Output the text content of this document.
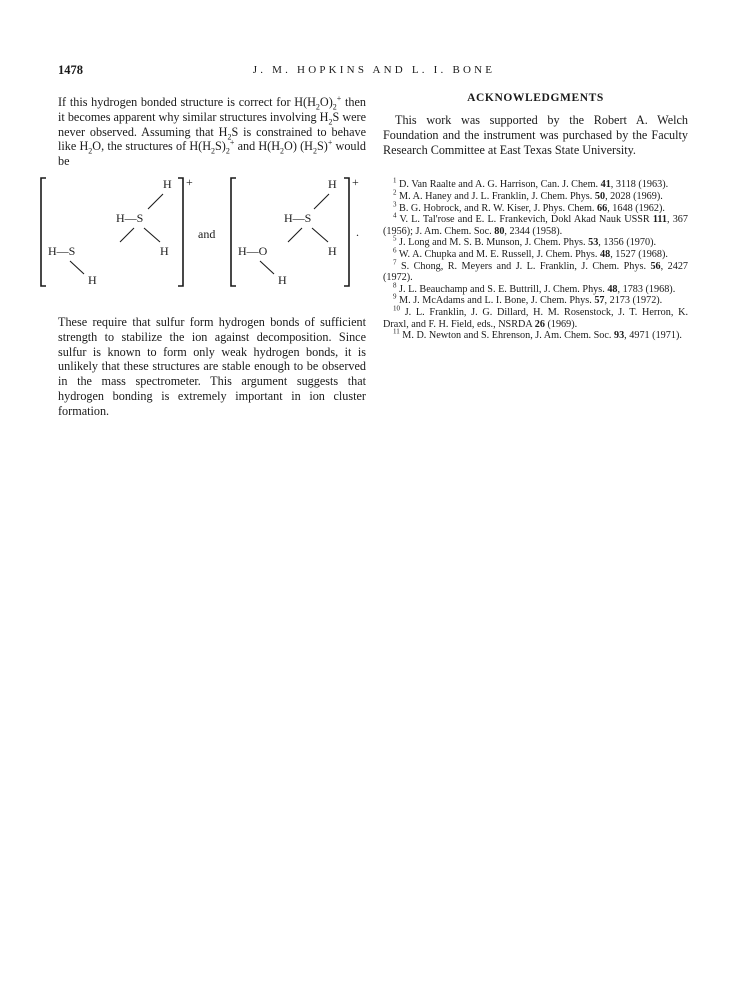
1478	J. M. HOPKINS AND L. I. BONE

If this hydrogen bonded structure is correct for $H(H_2O)_2^+$ then it becomes apparent why similar structures involving $H_2S$ were never observed. Assuming that $H_2S$ is constrained to behave like $H_2O$, the structures of $H(H_2S)_2^+$ and $H(H_2O)$ $(H_2S)^+$ would be

These require that sulfur form hydrogen bonds of sufficient strength to stabilize the ion against decomposition. Since sulfur is known to form only weak hydrogen bonds, it is unlikely that these structures are stable enough to be observed in the mass spectrometer. This argument suggests that hydrogen bonding is extremely important in ion cluster formation.

+
H
H—S
H—S	H
H
and
+
H
H—S
H—O	H
H
.
ACKNOWLEDGMENTS

This work was supported by the Robert A. Welch Foundation and the instrument was purchased by the Faculty Research Committee at East Texas State University.

$^1$ D. Van Raalte and A. G. Harrison, Can. J. Chem. 41, 3118 (1963).

$^2$ M. A. Haney and J. L. Franklin, J. Chem. Phys. 50, 2028 (1969).

$^3$ B. G. Hobrock, and R. W. Kiser, J. Phys. Chem. 66, 1648 (1962).

$^4$ V. L. Tal'rose and E. L. Frankevich, Dokl Akad Nauk USSR 111, 367 (1956); J. Am. Chem. Soc. 80, 2344 (1958).

$^5$ J. Long and M. S. B. Munson, J. Chem. Phys. 53, 1356 (1970).

$^6$ W. A. Chupka and M. E. Russell, J. Chem. Phys. 48, 1527 (1968).

$^7$ S. Chong, R. Meyers and J. L. Franklin, J. Chem. Phys. 56, 2427 (1972).

$^8$ J. L. Beauchamp and S. E. Buttrill, J. Chem. Phys. 48, 1783 (1968).

$^9$ M. J. McAdams and L. I. Bone, J. Chem. Phys. 57, 2173 (1972).

$^{10}$ J. L. Franklin, J. G. Dillard, H. M. Rosenstock, J. T. Herron, K. Draxl, and F. H. Field, eds., NSRDA 26 (1969).

$^{11}$ M. D. Newton and S. Ehrenson, J. Am. Chem. Soc. 93, 4971 (1971).
